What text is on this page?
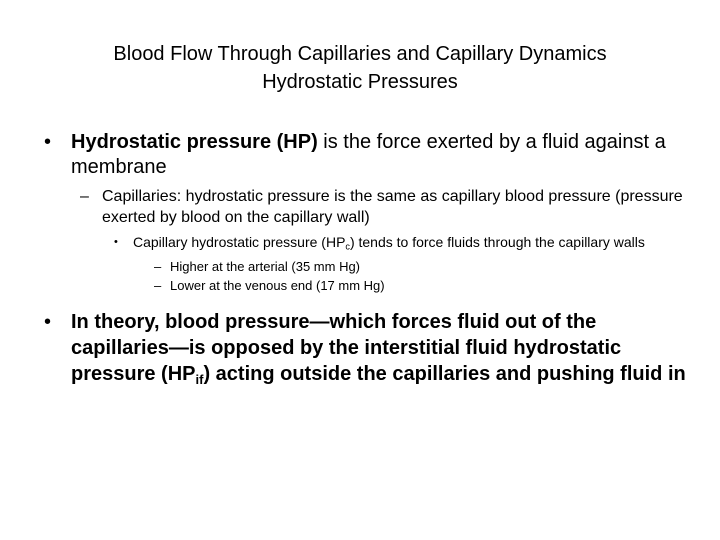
Blood Flow Through Capillaries and Capillary Dynamics
Hydrostatic Pressures

• Hydrostatic pressure (HP) is the force exerted by a fluid against a membrane

– Capillaries: hydrostatic pressure is the same as capillary blood pressure (pressure exerted by blood on the capillary wall)

• Capillary hydrostatic pressure $(HP_c)$ tends to force fluids through the capillary walls

– Higher at the arterial (35 mm Hg)

– Lower at the venous end (17 mm Hg)

• In theory, blood pressure—which forces fluid out of the capillaries—is opposed by the interstitial fluid hydrostatic pressure $(HP_{if})$ acting outside the capillaries and pushing fluid in
